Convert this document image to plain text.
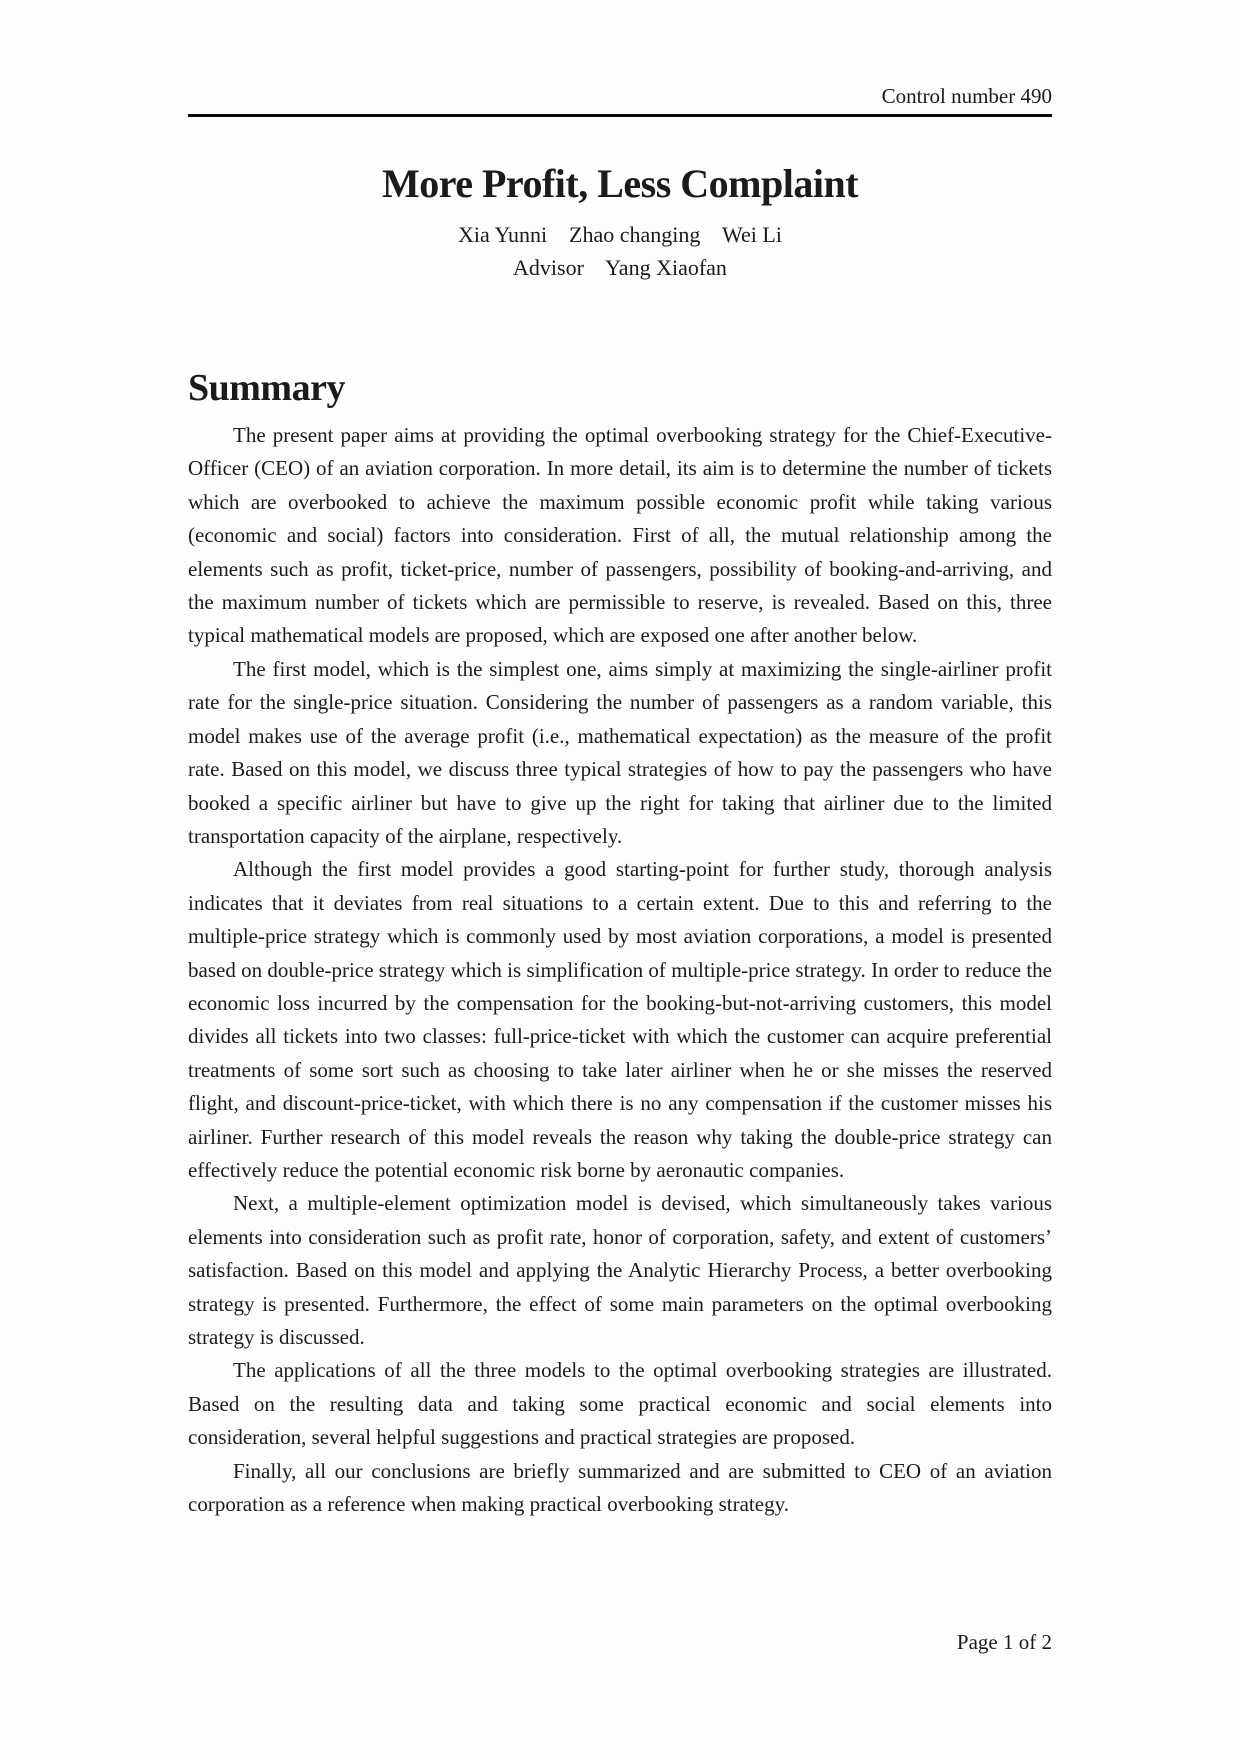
Control number 490
More Profit, Less Complaint
Xia Yunni    Zhao changing    Wei Li
Advisor    Yang Xiaofan
Summary

The present paper aims at providing the optimal overbooking strategy for the Chief-Executive-Officer (CEO) of an aviation corporation. In more detail, its aim is to determine the number of tickets which are overbooked to achieve the maximum possible economic profit while taking various (economic and social) factors into consideration. First of all, the mutual relationship among the elements such as profit, ticket-price, number of passengers, possibility of booking-and-arriving, and the maximum number of tickets which are permissible to reserve, is revealed. Based on this, three typical mathematical models are proposed, which are exposed one after another below.

The first model, which is the simplest one, aims simply at maximizing the single-airliner profit rate for the single-price situation. Considering the number of passengers as a random variable, this model makes use of the average profit (i.e., mathematical expectation) as the measure of the profit rate. Based on this model, we discuss three typical strategies of how to pay the passengers who have booked a specific airliner but have to give up the right for taking that airliner due to the limited transportation capacity of the airplane, respectively.

Although the first model provides a good starting-point for further study, thorough analysis indicates that it deviates from real situations to a certain extent. Due to this and referring to the multiple-price strategy which is commonly used by most aviation corporations, a model is presented based on double-price strategy which is simplification of multiple-price strategy. In order to reduce the economic loss incurred by the compensation for the booking-but-not-arriving customers, this model divides all tickets into two classes: full-price-ticket with which the customer can acquire preferential treatments of some sort such as choosing to take later airliner when he or she misses the reserved flight, and discount-price-ticket, with which there is no any compensation if the customer misses his airliner. Further research of this model reveals the reason why taking the double-price strategy can effectively reduce the potential economic risk borne by aeronautic companies.

Next, a multiple-element optimization model is devised, which simultaneously takes various elements into consideration such as profit rate, honor of corporation, safety, and extent of customers’ satisfaction. Based on this model and applying the Analytic Hierarchy Process, a better overbooking strategy is presented. Furthermore, the effect of some main parameters on the optimal overbooking strategy is discussed.

The applications of all the three models to the optimal overbooking strategies are illustrated. Based on the resulting data and taking some practical economic and social elements into consideration, several helpful suggestions and practical strategies are proposed.

Finally, all our conclusions are briefly summarized and are submitted to CEO of an aviation corporation as a reference when making practical overbooking strategy.

Page 1 of 2
